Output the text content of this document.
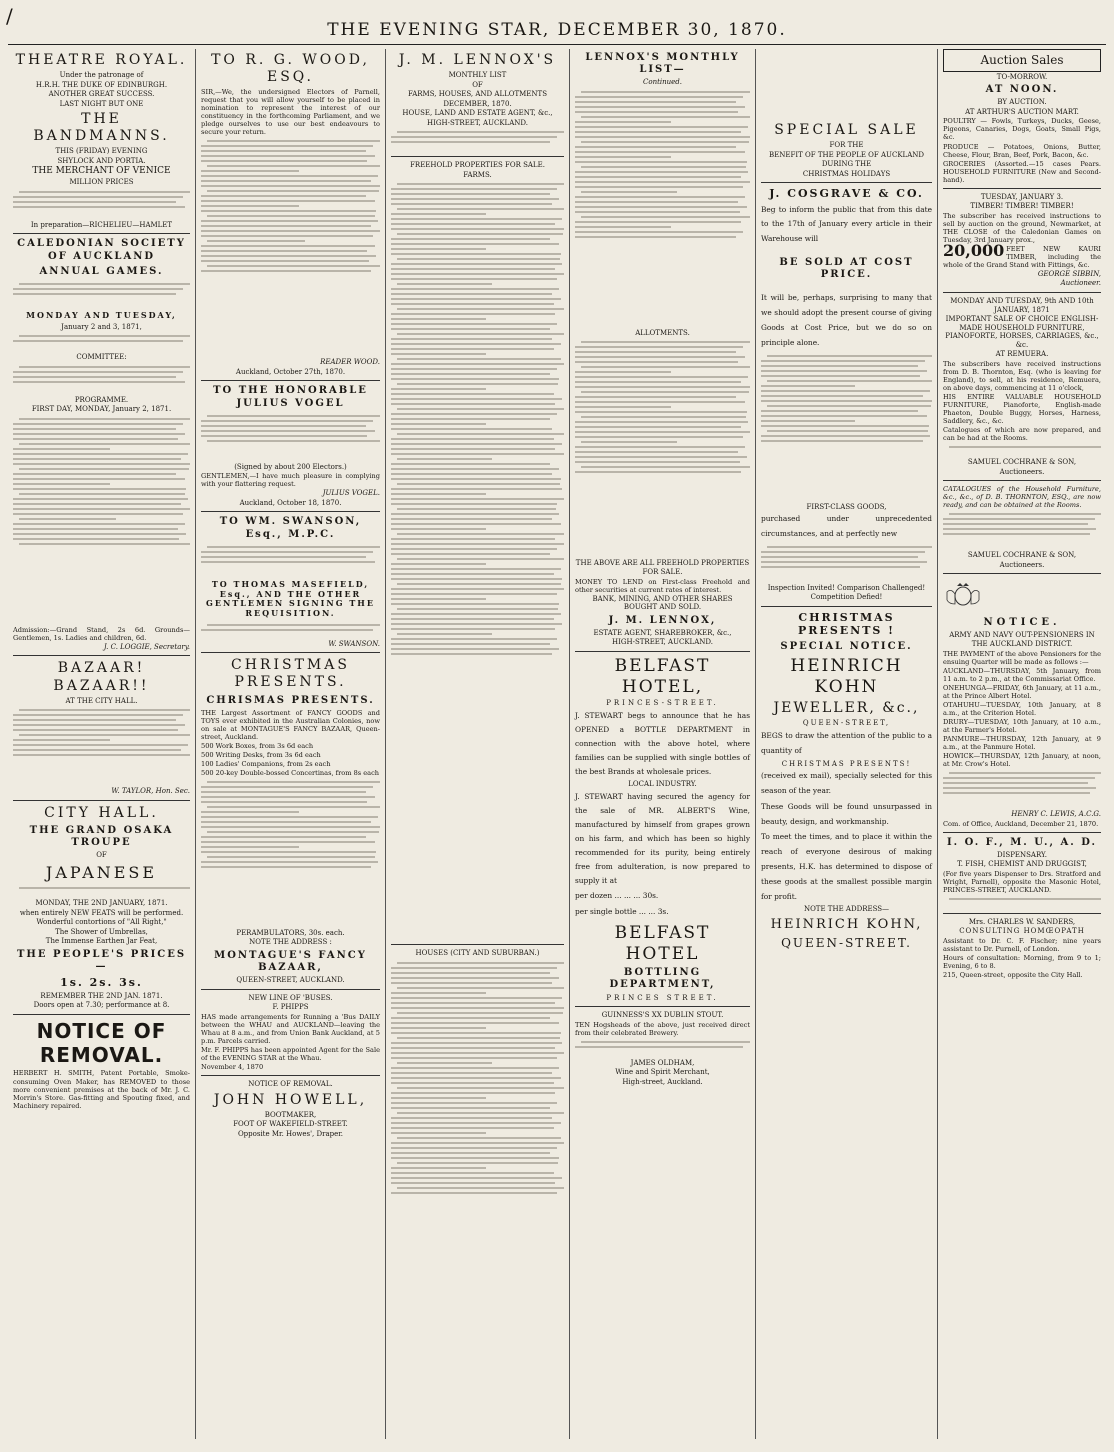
/
THE EVENING STAR, DECEMBER 30, 1870.
THEATRE ROYAL.
Under the patronage of
H.R.H. THE DUKE OF EDINBURGH.
ANOTHER GREAT SUCCESS.
LAST NIGHT BUT ONE
THE BANDMANNS.
THIS (FRIDAY) EVENING
SHYLOCK AND PORTIA.
THE MERCHANT OF VENICE
MILLION PRICES
In preparation—RICHELIEU—HAMLET
CALEDONIAN SOCIETY OF AUCKLAND
ANNUAL GAMES.
MONDAY AND TUESDAY,
January 2 and 3, 1871,
COMMITTEE:
PROGRAMME.
FIRST DAY, MONDAY, January 2, 1871.
Admission:—Grand Stand, 2s 6d. Grounds—Gentlemen, 1s. Ladies and children, 6d.
J. C. LOGGIE, Secretary.
BAZAAR! BAZAAR!!
AT THE CITY HALL.
W. TAYLOR, Hon. Sec.
CITY HALL.
THE GRAND OSAKA TROUPE
OF
JAPANESE
MONDAY, THE 2ND JANUARY, 1871.
when entirely NEW FEATS will be performed.
Wonderful contortions of "All Right,"
The Shower of Umbrellas,
The Immense Earthen Jar Feat,
THE PEOPLE'S PRICES—
1s. 2s. 3s.
REMEMBER THE 2ND JAN. 1871.
Doors open at 7.30; performance at 8.
NOTICE OF REMOVAL.
HERBERT H. SMITH, Patent Portable, Smoke-consuming Oven Maker, has REMOVED to those more convenient premises at the back of Mr. J. C. Morrin's Store. Gas-fitting and Spouting fixed, and Machinery repaired.
TO R. G. WOOD, ESQ.
SIR,—We, the undersigned Electors of Parnell, request that you will allow yourself to be placed in nomination to represent the interest of our constituency in the forthcoming Parliament, and we pledge ourselves to use our best endeavours to secure your return.
READER WOOD.
Auckland, October 27th, 1870.
TO THE HONORABLE JULIUS VOGEL
(Signed by about 200 Electors.)
GENTLEMEN,—I have much pleasure in complying with your flattering request.
JULIUS VOGEL.
Auckland, October 18, 1870.
TO WM. SWANSON, Esq., M.P.C.
TO THOMAS MASEFIELD, Esq., AND THE OTHER GENTLEMEN SIGNING THE REQUISITION.
W. SWANSON.
CHRISTMAS PRESENTS.
CHRISMAS PRESENTS.
THE Largest Assortment of FANCY GOODS and TOYS ever exhibited in the Australian Colonies, now on sale at MONTAGUE'S FANCY BAZAAR, Queen-street, Auckland.
500 Work Boxes, from 3s 6d each
500 Writing Desks, from 3s 6d each
100 Ladies' Companions, from 2s each
500 20-key Double-bossed Concertinas, from 8s each
PERAMBULATORS, 30s. each.
NOTE THE ADDRESS :
MONTAGUE'S FANCY BAZAAR,
QUEEN-STREET, AUCKLAND.
NEW LINE OF 'BUSES.
F. PHIPPS
HAS made arrangements for Running a 'Bus DAILY between the WHAU and AUCKLAND—leaving the Whau at 8 a.m., and from Union Bank Auckland, at 5 p.m. Parcels carried.
Mr. F. PHIPPS has been appointed Agent for the Sale of the EVENING STAR at the Whau.
November 4, 1870
NOTICE OF REMOVAL.
JOHN HOWELL,
BOOTMAKER,
FOOT OF WAKEFIELD-STREET.
Opposite Mr. Howes', Draper.
J. M. LENNOX'S
MONTHLY LIST
OF
FARMS, HOUSES, AND ALLOTMENTS
DECEMBER, 1870.
HOUSE, LAND AND ESTATE AGENT, &c.,
HIGH-STREET, AUCKLAND.
FREEHOLD PROPERTIES FOR SALE.
FARMS.
HOUSES (CITY AND SUBURBAN.)
LENNOX'S MONTHLY LIST—
Continued.
ALLOTMENTS.
THE ABOVE ARE ALL FREEHOLD PROPERTIES FOR SALE.
MONEY TO LEND on First-class Freehold and other securities at current rates of interest.
BANK, MINING, AND OTHER SHARES BOUGHT AND SOLD.
J. M. LENNOX,
ESTATE AGENT, SHAREBROKER, &c.,
HIGH-STREET, AUCKLAND.
BELFAST HOTEL,
PRINCES-STREET.
J. STEWART begs to announce that he has OPENED a BOTTLE DEPARTMENT in connection with the above hotel, where families can be supplied with single bottles of the best Brands at wholesale prices.
LOCAL INDUSTRY.
J. STEWART having secured the agency for the sale of MR. ALBERT'S Wine, manufactured by himself from grapes grown on his farm, and which has been so highly recommended for its purity, being entirely free from adulteration, is now prepared to supply it at
per dozen ... ... ... 30s.
per single bottle ... ... 3s.
BELFAST HOTEL
BOTTLING DEPARTMENT,
PRINCES STREET.
GUINNESS'S XX DUBLIN STOUT.
TEN Hogsheads of the above, just received direct from their celebrated Brewery.
JAMES OLDHAM,
Wine and Spirit Merchant,
High-street, Auckland.
SPECIAL SALE
FOR THE
BENEFIT OF THE PEOPLE OF AUCKLAND
DURING THE
CHRISTMAS HOLIDAYS
J. COSGRAVE & CO.
Beg to inform the public that from this date to the 17th of January every article in their Warehouse will
BE SOLD AT COST PRICE.
It will be, perhaps, surprising to many that we should adopt the present course of giving Goods at Cost Price, but we do so on principle alone.
FIRST-CLASS GOODS,
purchased under unprecedented circumstances, and at perfectly new
Inspection Invited! Comparison Challenged!
Competition Defied!
CHRISTMAS PRESENTS !
SPECIAL NOTICE.
HEINRICH KOHN
JEWELLER, &c.,
QUEEN-STREET,
BEGS to draw the attention of the public to a quantity of
CHRISTMAS PRESENTS!
(received ex mail), specially selected for this season of the year.
These Goods will be found unsurpassed in beauty, design, and workmanship.
To meet the times, and to place it within the reach of everyone desirous of making presents, H.K. has determined to dispose of these goods at the smallest possible margin for profit.
NOTE THE ADDRESS—
HEINRICH KOHN,
QUEEN-STREET.
Auction Sales
TO-MORROW.
AT NOON.
BY AUCTION.
AT ARTHUR'S AUCTION MART.
POULTRY — Fowls, Turkeys, Ducks, Geese, Pigeons, Canaries, Dogs, Goats, Small Pigs, &c.
PRODUCE — Potatoes, Onions, Butter, Cheese, Flour, Bran, Beef, Pork, Bacon, &c.
GROCERIES (Assorted.—15 cases Pears. HOUSEHOLD FURNITURE (New and Second-hand).
TUESDAY, JANUARY 3.
TIMBER! TIMBER! TIMBER!
The subscriber has received instructions to sell by auction on the ground, Newmarket, at THE CLOSE of the Caledonian Games on Tuesday, 3rd January prox.,
20,000 FEET NEW KAURI TIMBER, including the whole of the Grand Stand with Fittings, &c.
GEORGE SIBBIN,
Auctioneer.
MONDAY AND TUESDAY, 9th AND 10th JANUARY, 1871
IMPORTANT SALE OF CHOICE ENGLISH-MADE HOUSEHOLD FURNITURE, PIANOFORTE, HORSES, CARRIAGES, &c., &c.
AT REMUERA.
The subscribers have received instructions from D. B. Thornton, Esq. (who is leaving for England), to sell, at his residence, Remuera, on above days, commencing at 11 o'clock,
HIS ENTIRE VALUABLE HOUSEHOLD FURNITURE, Pianoforte, English-made Phaeton, Double Buggy, Horses, Harness, Saddlery, &c., &c.
Catalogues of which are now prepared, and can be had at the Rooms.
SAMUEL COCHRANE & SON,
Auctioneers.
CATALOGUES of the Household Furniture, &c., &c., of D. B. THORNTON, ESQ., are now ready, and can be obtained at the Rooms.
SAMUEL COCHRANE & SON,
Auctioneers.
NOTICE.
ARMY AND NAVY OUT-PENSIONERS IN THE AUCKLAND DISTRICT.
THE PAYMENT of the above Pensioners for the ensuing Quarter will be made as follows :—
AUCKLAND—THURSDAY, 5th January, from 11 a.m. to 2 p.m., at the Commissariat Office.
ONEHUNGA—FRIDAY, 6th January, at 11 a.m., at the Prince Albert Hotel.
OTAHUHU—TUESDAY, 10th January, at 8 a.m., at the Criterion Hotel.
DRURY—TUESDAY, 10th January, at 10 a.m., at the Farmer's Hotel.
PANMURE—THURSDAY, 12th January, at 9 a.m., at the Panmure Hotel.
HOWICK—THURSDAY, 12th January, at noon, at Mr. Crow's Hotel.
HENRY C. LEWIS, A.C.G.
Com. of Office, Auckland, December 21, 1870.
I. O. F., M. U., A. D.
DISPENSARY.
T. FISH, CHEMIST AND DRUGGIST,
(For five years Dispenser to Drs. Stratford and Wright, Parnell), opposite the Masonic Hotel, PRINCES-STREET, AUCKLAND.
Mrs. CHARLES W. SANDERS,
CONSULTING HOMŒOPATH
Assistant to Dr. C. F. Fischer; nine years assistant to Dr. Purnell, of London.
Hours of consultation: Morning, from 9 to 1; Evening, 6 to 8.
215, Queen-street, opposite the City Hall.
